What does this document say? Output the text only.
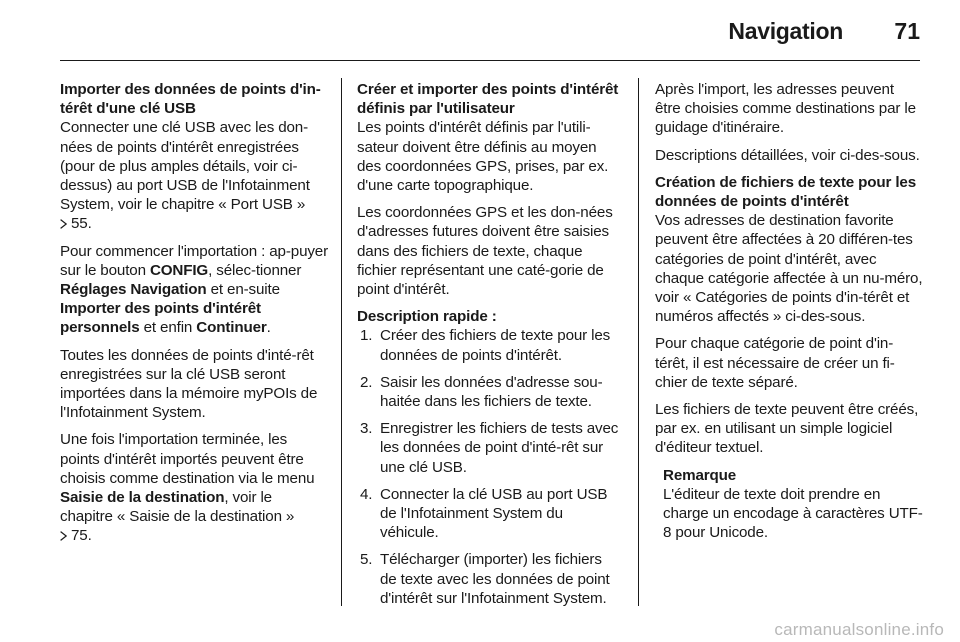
Navigation 71
Importer des données de points d'in-térêt d'une clé USB

Connecter une clé USB avec les don-nées de points d'intérêt enregistrées (pour de plus amples détails, voir ci-dessus) au port USB de l'Infotainment System, voir le chapitre « Port USB »
55.

Pour commencer l'importation : ap-puyer sur le bouton CONFIG, sélec-tionner Réglages Navigation et en-suite Importer des points d'intérêt personnels et enfin Continuer.

Toutes les données de points d'inté-rêt enregistrées sur la clé USB seront importées dans la mémoire myPOIs de l'Infotainment System.

Une fois l'importation terminée, les points d'intérêt importés peuvent être choisis comme destination via le menu Saisie de la destination, voir le chapitre « Saisie de la destination »
75.

Créer et importer des points d'intérêt définis par l'utilisateur

Les points d'intérêt définis par l'utili-sateur doivent être définis au moyen des coordonnées GPS, prises, par ex. d'une carte topographique.

Les coordonnées GPS et les don-nées d'adresses futures doivent être saisies dans des fichiers de texte, chaque fichier représentant une caté-gorie de point d'intérêt.

Description rapide :
1. Créer des fichiers de texte pour les données de points d'intérêt.
2. Saisir les données d'adresse sou-haitée dans les fichiers de texte.
3. Enregistrer les fichiers de tests avec les données de point d'inté-rêt sur une clé USB.
4. Connecter la clé USB au port USB de l'Infotainment System du véhicule.
5. Télécharger (importer) les fichiers de texte avec les données de point d'intérêt sur l'Infotainment System.

Après l'import, les adresses peuvent être choisies comme destinations par le guidage d'itinéraire.

Descriptions détaillées, voir ci-des-sous.

Création de fichiers de texte pour les données de points d'intérêt

Vos adresses de destination favorite peuvent être affectées à 20 différen-tes catégories de point d'intérêt, avec chaque catégorie affectée à un nu-méro, voir « Catégories de points d'in-térêt et numéros affectés » ci-des-sous.

Pour chaque catégorie de point d'in-térêt, il est nécessaire de créer un fi-chier de texte séparé.

Les fichiers de texte peuvent être créés, par ex. en utilisant un simple logiciel d'éditeur textuel.

Remarque

L'éditeur de texte doit prendre en charge un encodage à caractères UTF-8 pour Unicode.

carmanualsonline.info
